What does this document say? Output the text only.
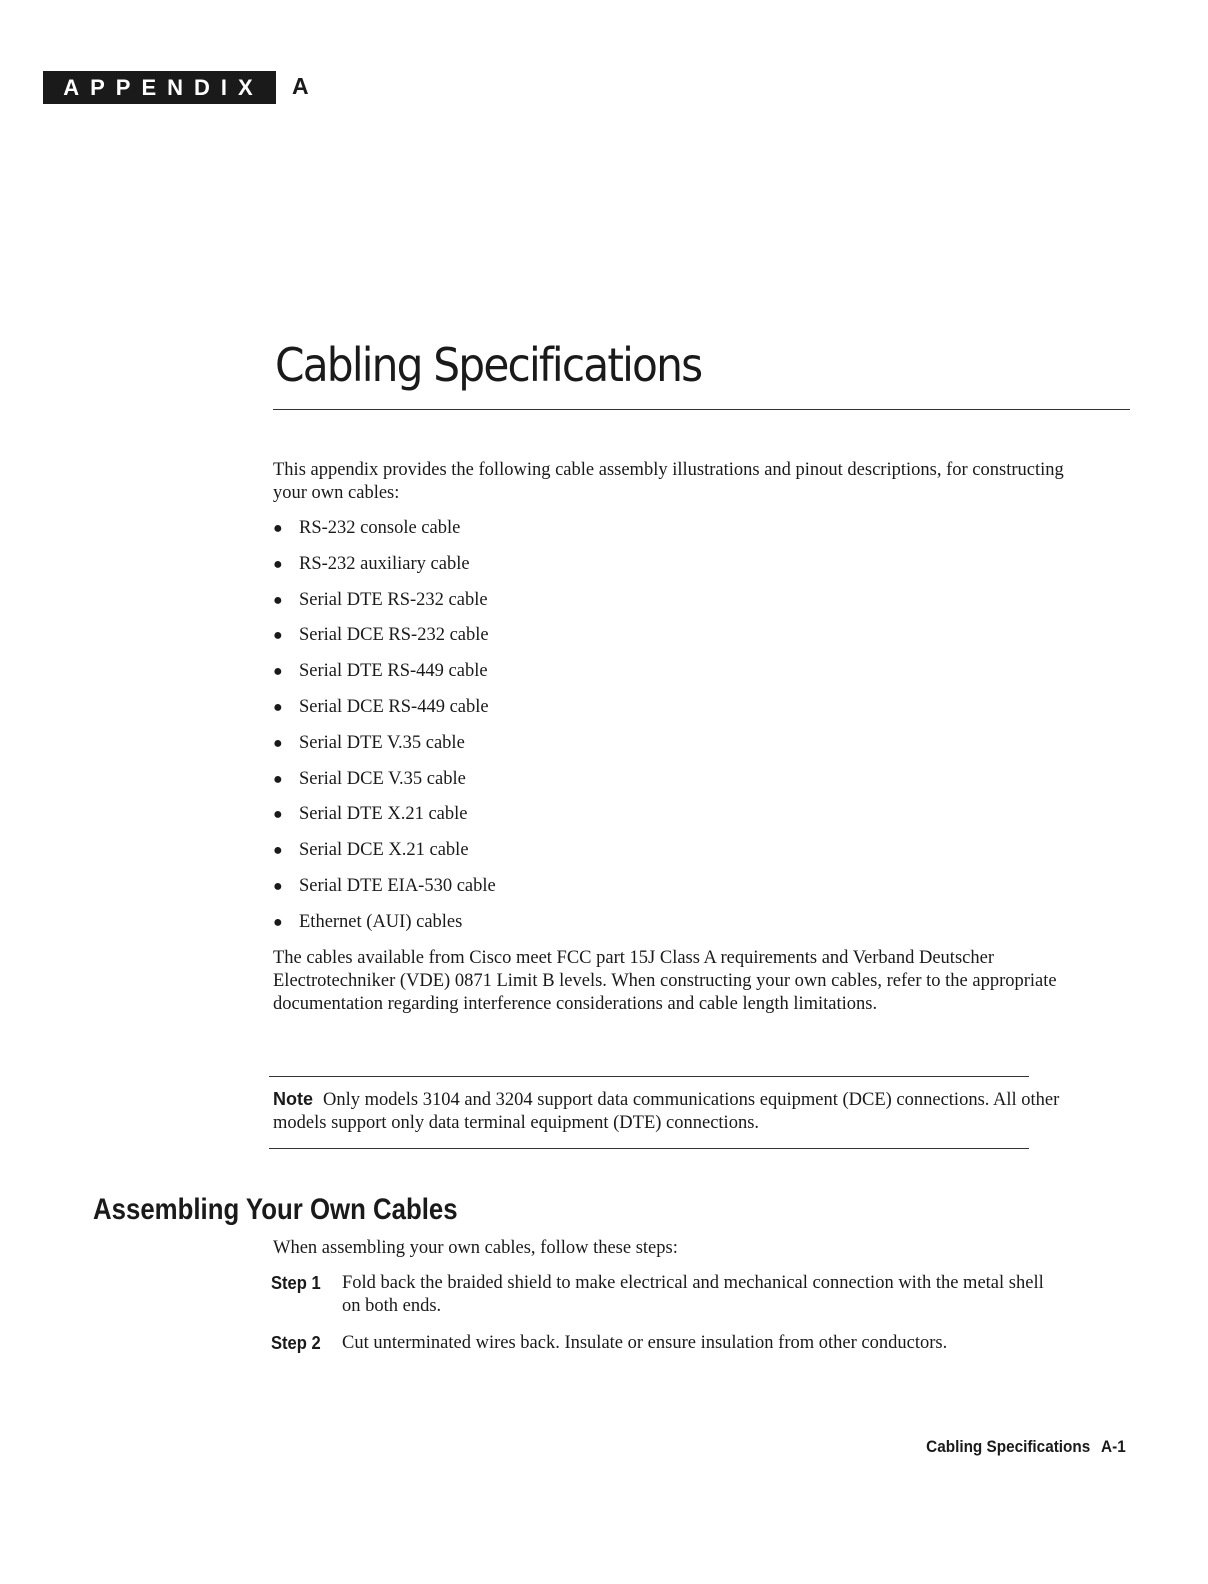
APPENDIX A
Cabling Specifications

This appendix provides the following cable assembly illustrations and pinout descriptions, for constructing your own cables:

● RS-232 console cable
● RS-232 auxiliary cable
● Serial DTE RS-232 cable
● Serial DCE RS-232 cable
● Serial DTE RS-449 cable
● Serial DCE RS-449 cable
● Serial DTE V.35 cable
● Serial DCE V.35 cable
● Serial DTE X.21 cable
● Serial DCE X.21 cable
● Serial DTE EIA-530 cable
● Ethernet (AUI) cables

The cables available from Cisco meet FCC part 15J Class A requirements and Verband Deutscher Electrotechniker (VDE) 0871 Limit B levels. When constructing your own cables, refer to the appropriate documentation regarding interference considerations and cable length limitations.

Note Only models 3104 and 3204 support data communications equipment (DCE) connections. All other models support only data terminal equipment (DTE) connections.

Assembling Your Own Cables

When assembling your own cables, follow these steps:

Step 1	Fold back the braided shield to make electrical and mechanical connection with the metal shell on both ends.
Step 2	Cut unterminated wires back. Insulate or ensure insulation from other conductors.
Cabling Specifications A-1
